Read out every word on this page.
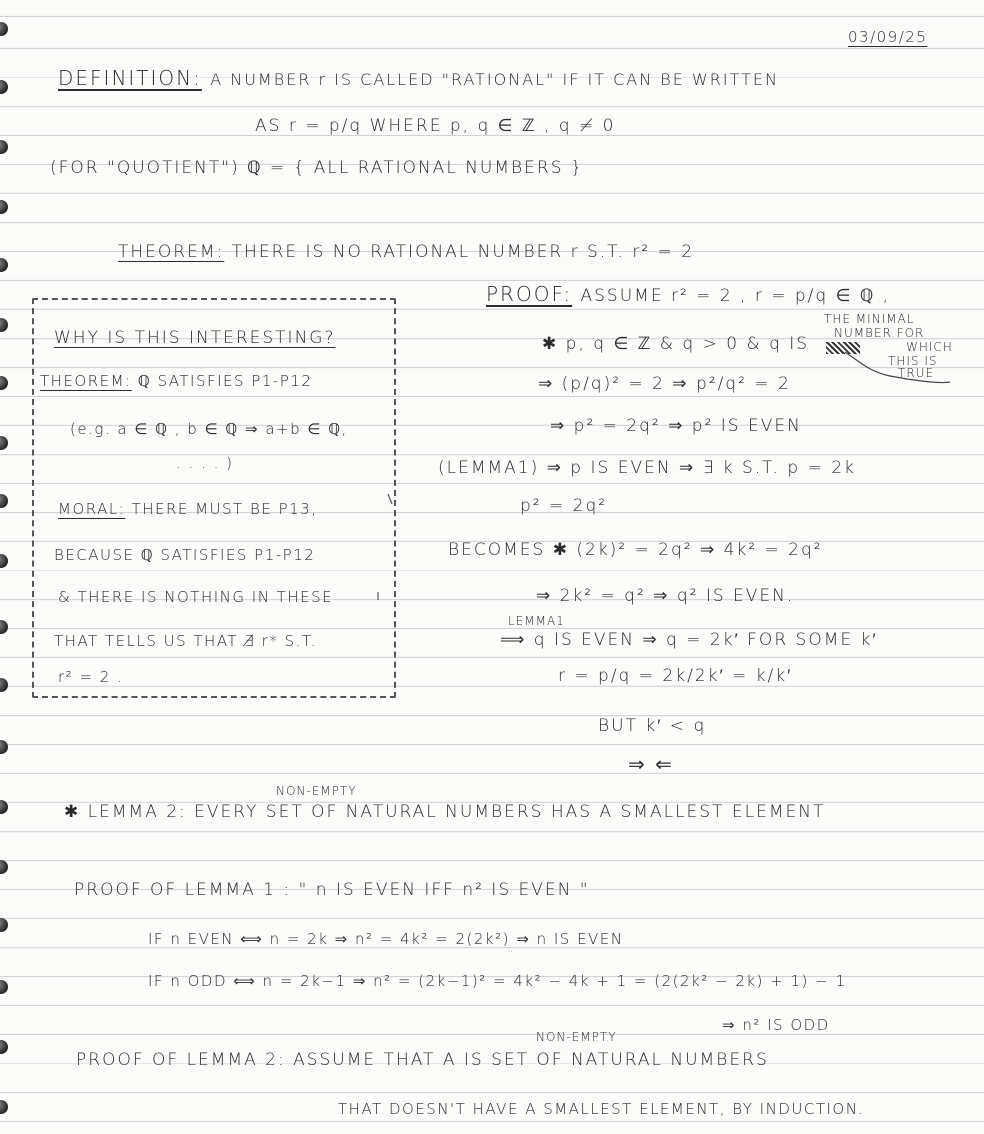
03/09/25
DEFINITION: A NUMBER r IS CALLED "RATIONAL" IF IT CAN BE WRITTEN
AS r = p/q WHERE p, q ∈ ℤ , q ≠ 0
(FOR "QUOTIENT") ℚ = { ALL RATIONAL NUMBERS }
THEOREM: THERE IS NO RATIONAL NUMBER r S.T. r² = 2
WHY IS THIS INTERESTING?
THEOREM: ℚ SATISFIES P1-P12
(e.g. a ∈ ℚ , b ∈ ℚ ⇒ a+b ∈ ℚ,
. . . . )
MORAL: THERE MUST BE P13,
BECAUSE ℚ SATISFIES P1-P12
& THERE IS NOTHING IN THESE
THAT TELLS US THAT ∄ r* S.T.
r² = 2 .
PROOF: ASSUME r² = 2 , r = p/q ∈ ℚ ,
✱ p, q ∈ ℤ & q > 0 & q IS
THE MINIMAL
NUMBER FOR
WHICH
THIS IS
TRUE
⇒ (p/q)² = 2 ⇒ p²/q² = 2
⇒ p² = 2q² ⇒ p² IS EVEN
(LEMMA1) ⇒ p IS EVEN ⇒ ∃ k S.T. p = 2k
p² = 2q²
BECOMES ✱ (2k)² = 2q² ⇒ 4k² = 2q²
⇒ 2k² = q² ⇒ q² IS EVEN.
LEMMA1
⟹ q IS EVEN ⇒ q = 2k′ FOR SOME k′
r = p/q = 2k/2k′ = k/k′
BUT k′ < q
⇒ ⇐
NON-EMPTY
✱ LEMMA 2: EVERY SET OF NATURAL NUMBERS HAS A SMALLEST ELEMENT
PROOF OF LEMMA 1 : " n IS EVEN IFF n² IS EVEN "
IF n EVEN ⟺ n = 2k ⇒ n² = 4k² = 2(2k²) ⇒ n IS EVEN
IF n ODD ⟺ n = 2k−1 ⇒ n² = (2k−1)² = 4k² − 4k + 1 = (2(2k² − 2k) + 1) − 1
⇒ n² IS ODD
NON-EMPTY
PROOF OF LEMMA 2: ASSUME THAT A IS SET OF NATURAL NUMBERS
THAT DOESN'T HAVE A SMALLEST ELEMENT, BY INDUCTION.
